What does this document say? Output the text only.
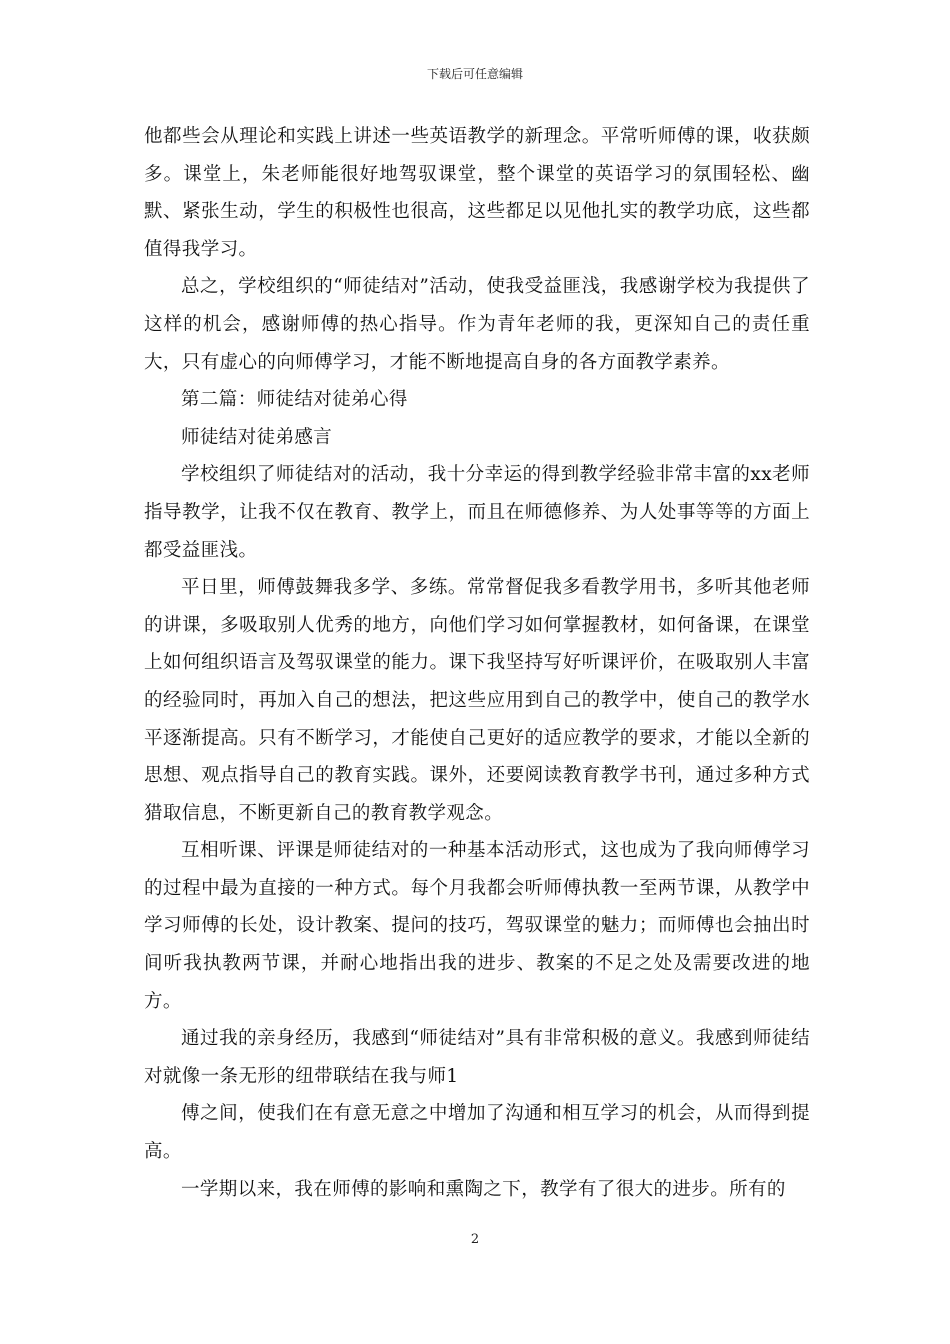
下载后可任意编辑

他都些会从理论和实践上讲述一些英语教学的新理念。平常听师傅的课，收获颇多。课堂上，朱老师能很好地驾驭课堂，整个课堂的英语学习的氛围轻松、幽默、紧张生动，学生的积极性也很高，这些都足以见他扎实的教学功底，这些都值得我学习。

总之，学校组织的“师徒结对”活动，使我受益匪浅，我感谢学校为我提供了这样的机会，感谢师傅的热心指导。作为青年老师的我，更深知自己的责任重大，只有虚心的向师傅学习，才能不断地提高自身的各方面教学素养。

第二篇：师徒结对徒弟心得

师徒结对徒弟感言

学校组织了师徒结对的活动，我十分幸运的得到教学经验非常丰富的xx老师指导教学，让我不仅在教育、教学上，而且在师德修养、为人处事等等的方面上都受益匪浅。

平日里，师傅鼓舞我多学、多练。常常督促我多看教学用书，多听其他老师的讲课，多吸取别人优秀的地方，向他们学习如何掌握教材，如何备课，在课堂上如何组织语言及驾驭课堂的能力。课下我坚持写好听课评价，在吸取别人丰富的经验同时，再加入自己的想法，把这些应用到自己的教学中，使自己的教学水平逐渐提高。只有不断学习，才能使自己更好的适应教学的要求，才能以全新的思想、观点指导自己的教育实践。课外，还要阅读教育教学书刊，通过多种方式猎取信息，不断更新自己的教育教学观念。

互相听课、评课是师徒结对的一种基本活动形式，这也成为了我向师傅学习的过程中最为直接的一种方式。每个月我都会听师傅执教一至两节课，从教学中学习师傅的长处，设计教案、提问的技巧，驾驭课堂的魅力；而师傅也会抽出时间听我执教两节课，并耐心地指出我的进步、教案的不足之处及需要改进的地方。

通过我的亲身经历，我感到“师徒结对”具有非常积极的意义。我感到师徒结对就像一条无形的纽带联结在我与师1

傅之间，使我们在有意无意之中增加了沟通和相互学习的机会，从而得到提高。

一学期以来，我在师傅的影响和熏陶之下，教学有了很大的进步。所有的

2
